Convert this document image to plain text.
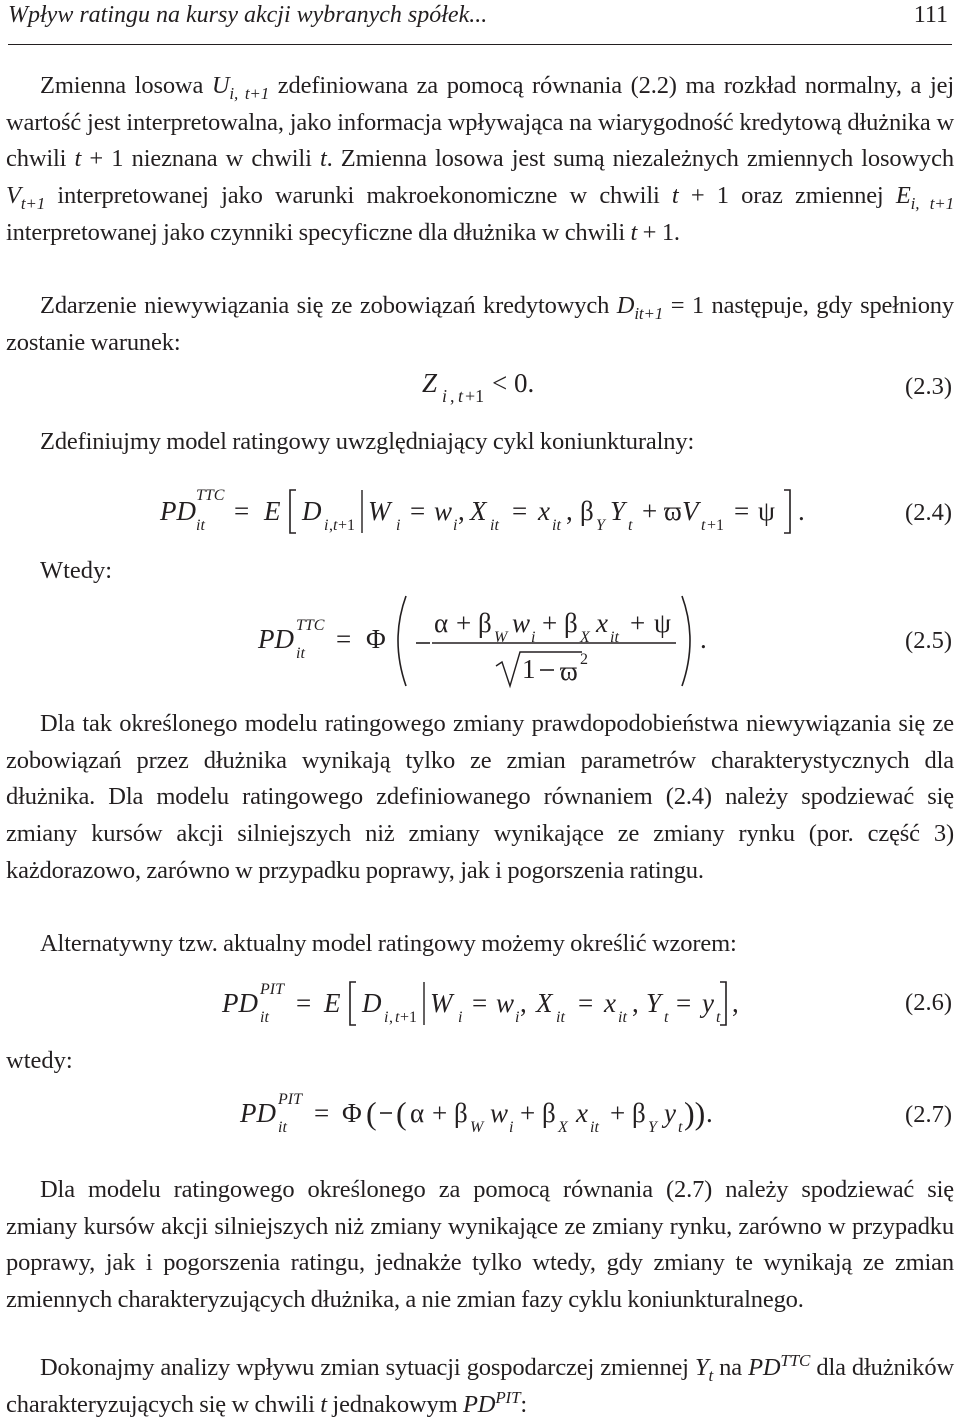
Wpływ ratingu na kursy akcji wybranych spółek...	111
Zmienna losowa $U_{i, t+1}$ zdefiniowana za pomocą równania (2.2) ma rozkład normalny, a jej wartość jest interpretowalna, jako informacja wpływająca na wiarygodność kredytową dłużnika w chwili t + 1 nieznana w chwili t. Zmienna losowa jest sumą niezależnych zmiennych losowych $V_{t+1}$ interpretowanej jako warunki makroekonomiczne w chwili t + 1 oraz zmiennej $E_{i, t+1}$ interpretowanej jako czynniki specyficzne dla dłużnika w chwili t + 1.
Zdarzenie niewywiązania się ze zobowiązań kredytowych $D_{it+1} = 1$ następuje, gdy spełniony zostanie warunek:
Z i , t +1 < 0.
PD
TTC
it = E D i , t +1 W i = w i , X it = x it , β Y Y t + ϖ V t +1 = ψ .
PD TTC
it = Φ
α + β W w i + β X x it + ψ
1 ϖ 2
.
PD PIT
it = E D i , t +1 W i = w i , X it = x it , Y t = y t ,
PD PIT
it = Φ ( ( α + β W w i + β X x it + β Y y t )) .
(2.3)
Zdefiniujmy model ratingowy uwzględniający cykl koniunkturalny:
(2.4)
Wtedy:
(2.5)
Dla tak określonego modelu ratingowego zmiany prawdopodobieństwa niewywiązania się ze zobowiązań przez dłużnika wynikają tylko ze zmian parametrów charakterystycznych dla dłużnika. Dla modelu ratingowego zdefiniowanego równaniem (2.4) należy spodziewać się zmiany kursów akcji silniejszych niż zmiany wynikające ze zmiany rynku (por. część 3) każdorazowo, zarówno w przypadku poprawy, jak i pogorszenia ratingu.
Alternatywny tzw. aktualny model ratingowy możemy określić wzorem:
(2.6)
wtedy:
(2.7)
Dla modelu ratingowego określonego za pomocą równania (2.7) należy spodziewać się zmiany kursów akcji silniejszych niż zmiany wynikające ze zmiany rynku, zarówno w przypadku poprawy, jak i pogorszenia ratingu, jednakże tylko wtedy, gdy zmiany te wynikają ze zmian zmiennych charakteryzujących dłużnika, a nie zmian fazy cyklu koniunkturalnego.
Dokonajmy analizy wpływu zmian sytuacji gospodarczej zmiennej $Y_t$ na $PD^{TTC}$ dla dłużników charakteryzujących się w chwili t jednakowym $PD^{PIT}$:
